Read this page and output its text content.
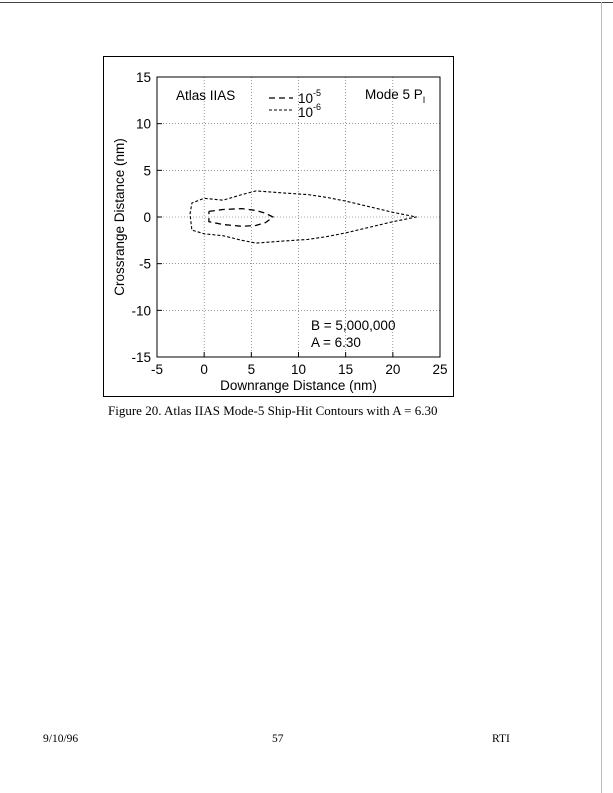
-5	0	5	10 15 20 25
15
10
5
0
-5
-10
-15
Downrange Distance (nm)
Crossrange Distance (nm)
Atlas IIAS	Mode 5 $P_I$
$10^{-5}$
$10^{-6}$
B = 5,000,000
A = 6.30
Figure 20. Atlas IIAS Mode-5 Ship-Hit Contours with A = 6.30
9/10/96	57	RTI
